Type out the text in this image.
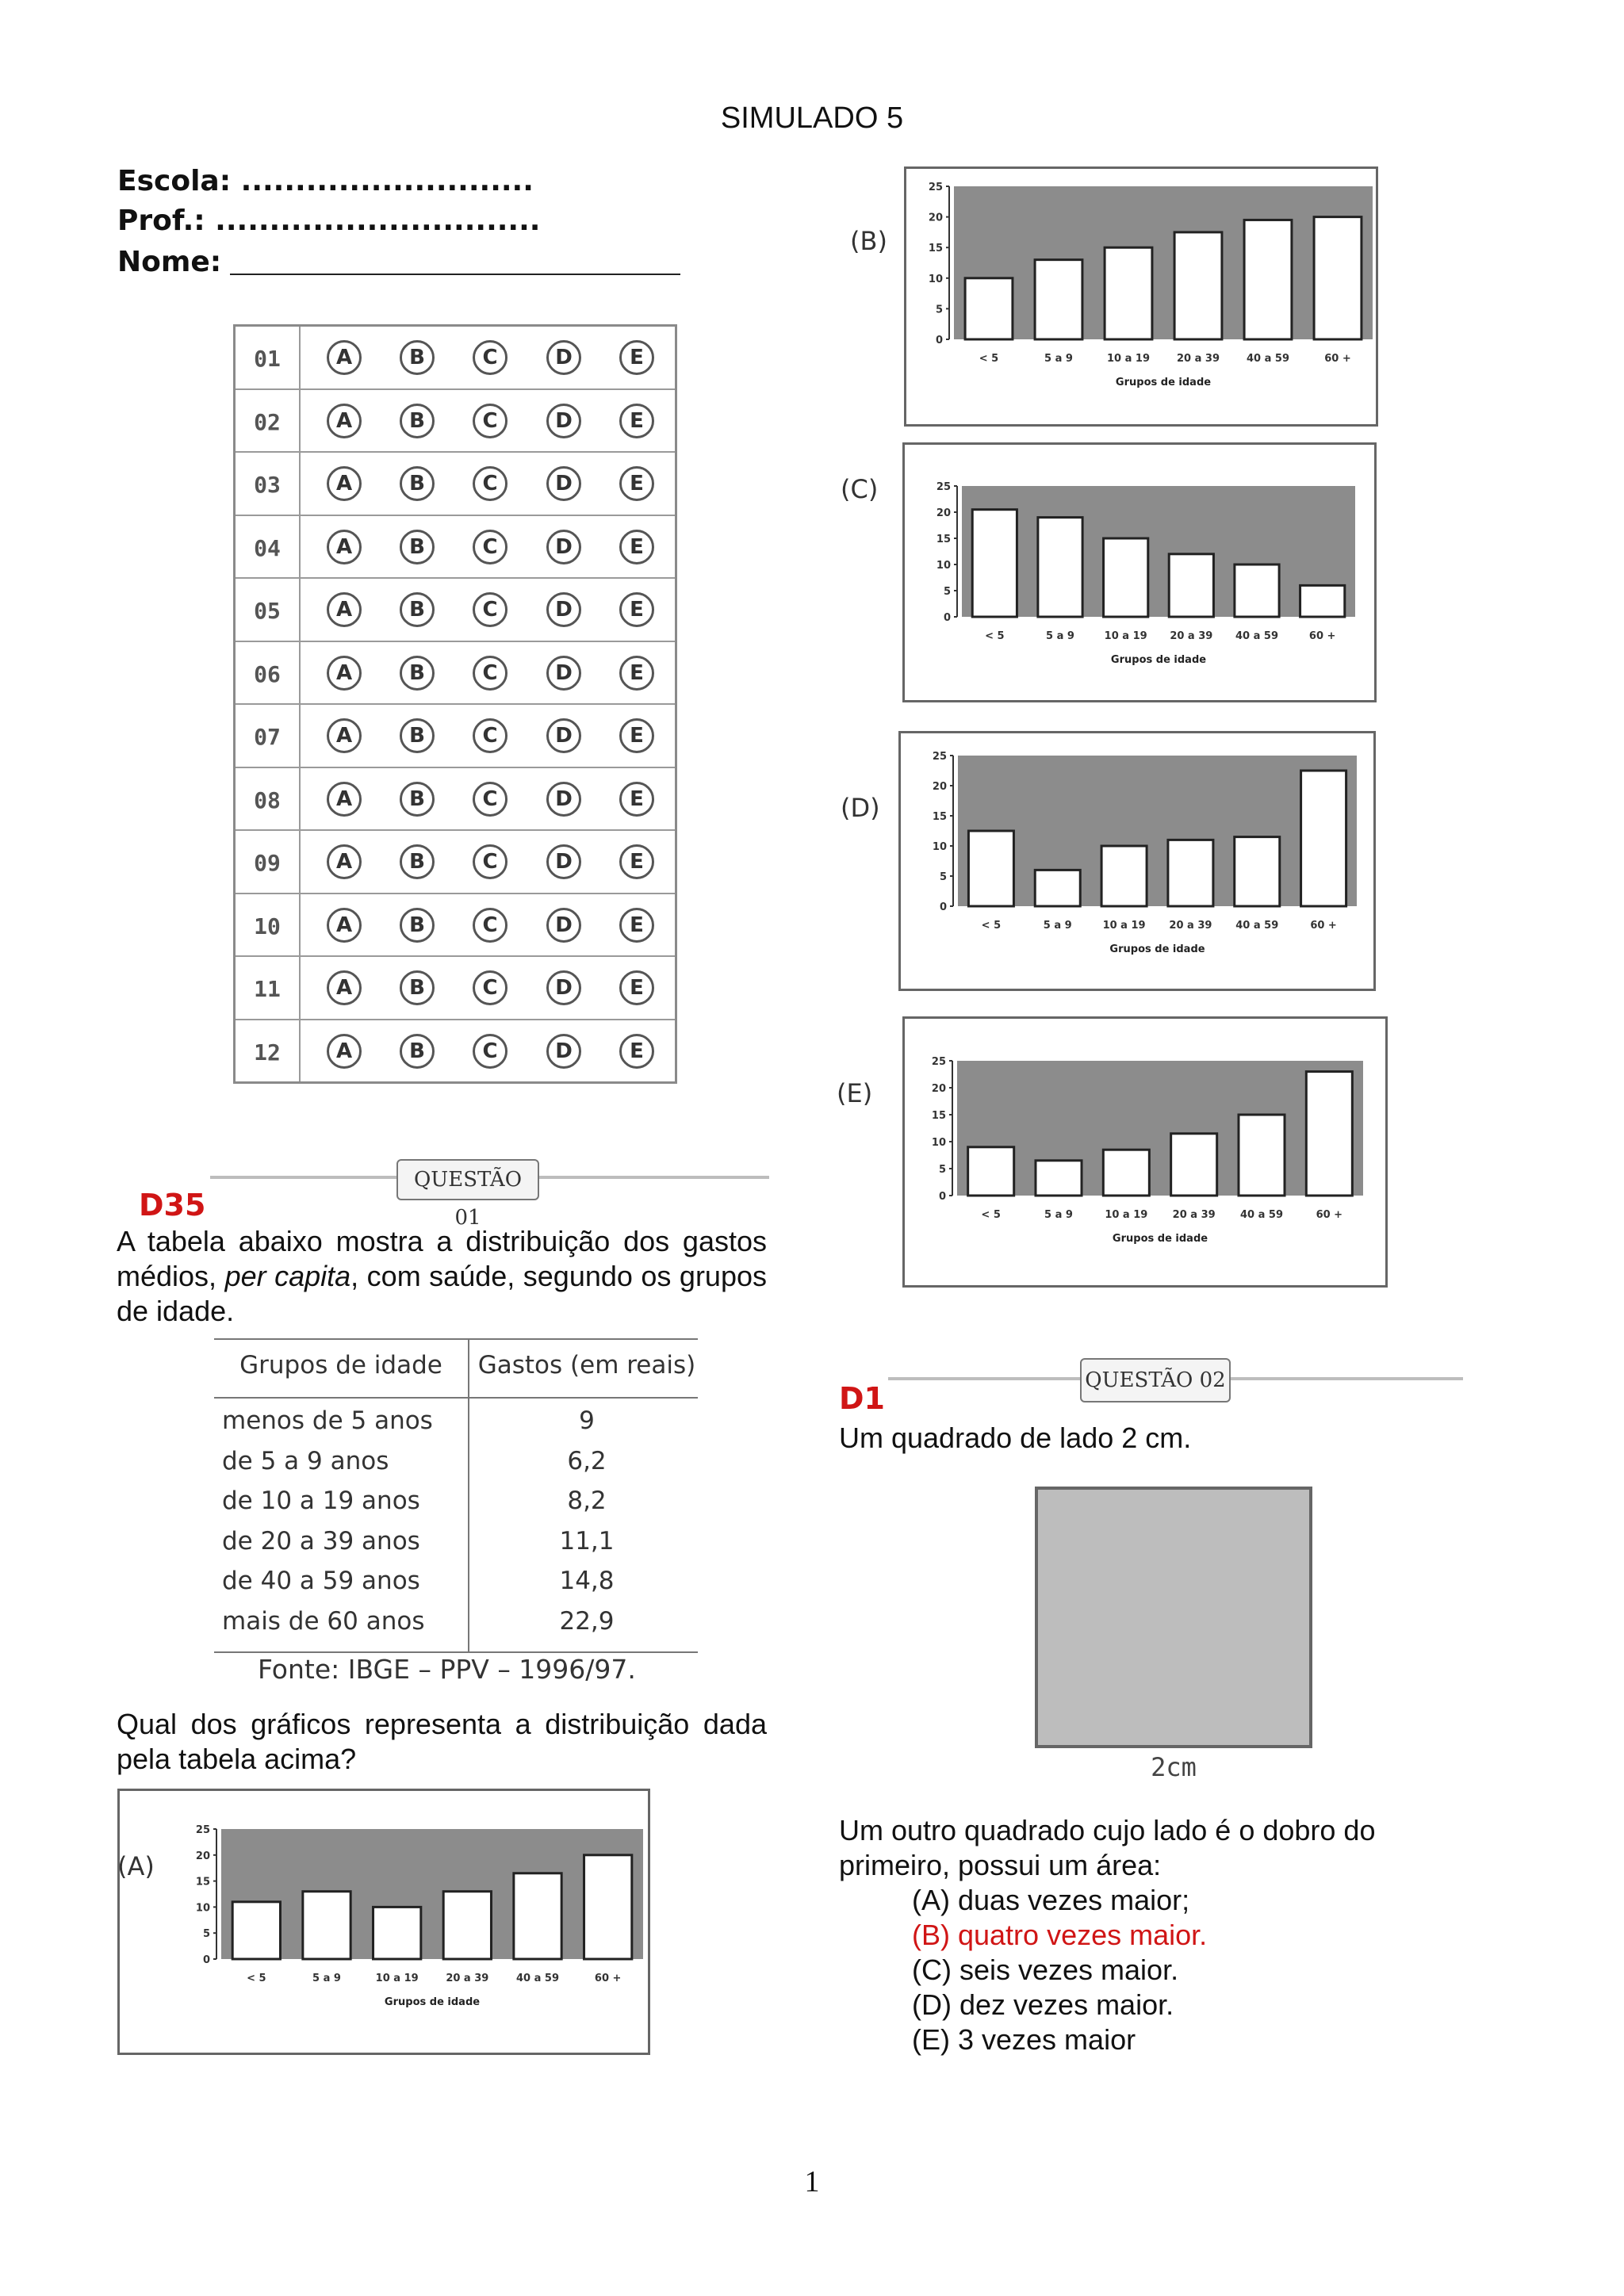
SIMULADO 5
Escola: ...........................
Prof.: ..............................
Nome:
01	A	B	C	D	E
02	A	B	C	D	E
03	A	B	C	D	E
04	A	B	C	D	E
05	A	B	C	D	E
06	A	B	C	D	E
07	A	B	C	D	E
08	A	B	C	D	E
09	A	B	C	D	E
10	A	B	C	D	E
11	A	B	C	D	E
12	A	B	C	D	E
QUESTÃO 01
D35
A tabela abaixo mostra a distribuição dos gastos médios, per capita, com saúde, segundo os grupos de idade.
Grupos de idade	Gastos (em reais)
menos de 5 anos	9
de 5 a 9 anos	6,2
de 10 a 19 anos	8,2
de 20 a 39 anos	11,1
de 40 a 59 anos	14,8
mais de 60 anos	22,9
Fonte: IBGE – PPV – 1996/97.
Qual dos gráficos representa a distribuição dada pela tabela acima?
25
20
15
10
5
0
< 5	5 a 9	10 a 19	20 a 39	40 a 59	60 +
Grupos de idade
(A)
25
20
15
10
5
0
< 5	5 a 9	10 a 19	20 a 39	40 a 59	60 +
Grupos de idade
(B)
25
20
15
10
5
0
< 5	5 a 9	10 a 19 20 a 39 40 a 59	60 +
Grupos de idade
(C)
25
20
15
10
5
0
< 5	5 a 9	10 a 19 20 a 39 40 a 59	60 +
Grupos de idade
(D)
25
20
15
10
5
0
< 5	5 a 9	10 a 19 20 a 39 40 a 59	60 +
Grupos de idade
(E)
QUESTÃO 02
D1
Um quadrado de lado 2 cm.
2cm
Um outro quadrado cujo lado é o dobro do primeiro, possui um área:
(A) duas vezes maior;
(B) quatro vezes maior.
(C) seis vezes maior.
(D) dez vezes maior.
(E) 3 vezes maior
1
